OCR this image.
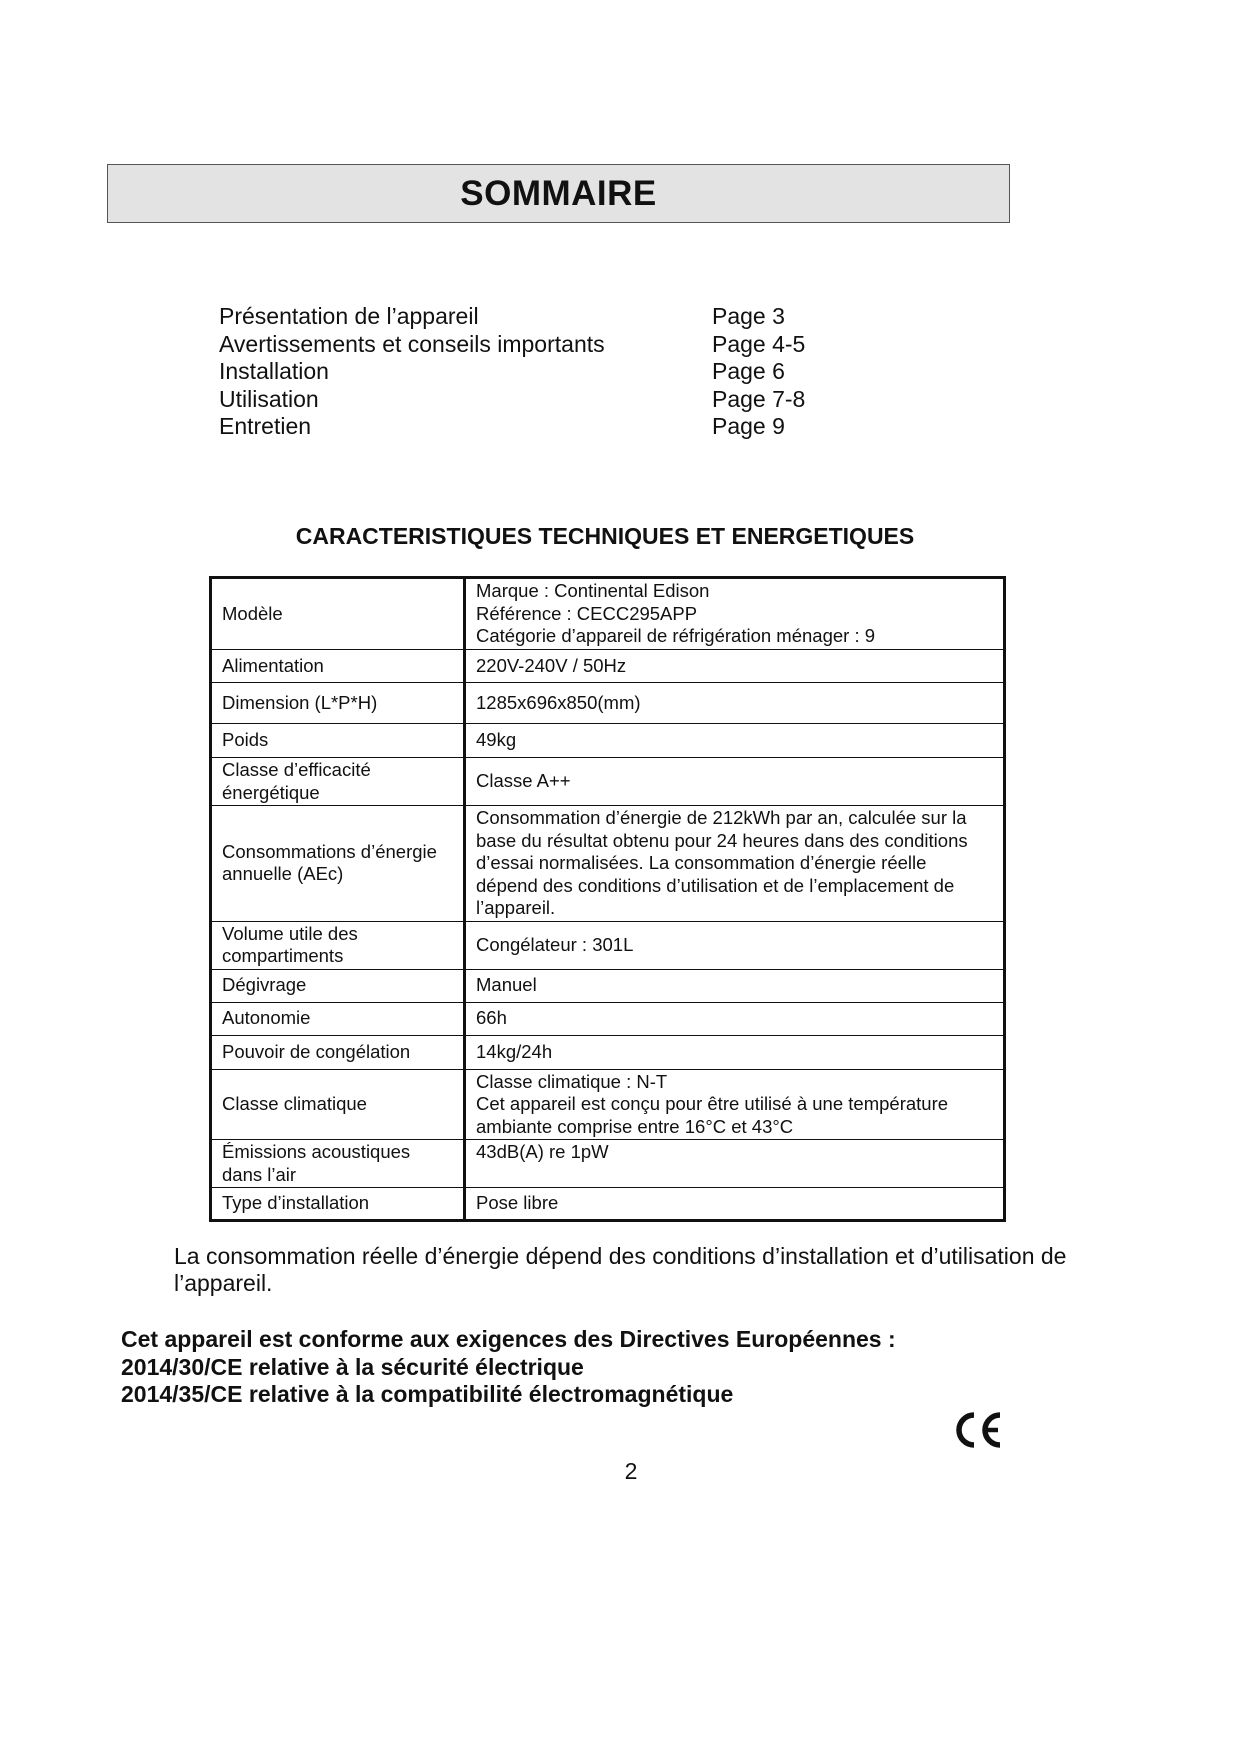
SOMMAIRE
Présentation de l’appareil	Page 3
Avertissements et conseils importants	Page 4-5
Installation	Page 6
Utilisation	Page 7-8
Entretien	Page 9
CARACTERISTIQUES TECHNIQUES ET ENERGETIQUES
Modèle	Marque : Continental Edison
Référence : CECC295APP
Catégorie d’appareil de réfrigération ménager : 9

Alimentation	220V-240V / 50Hz
Dimension (L*P*H)	1285x696x850(mm)
Poids	49kg
Classe d’efficacité énergétique	Classe A++
Consommations d’énergie annuelle (AEc)	Consommation d’énergie de 212kWh par an, calculée sur la base du résultat obtenu pour 24 heures dans des conditions d’essai normalisées. La consommation d’énergie réelle dépend des conditions d’utilisation et de l’emplacement de l’appareil.
Volume utile des compartiments	Congélateur : 301L
Dégivrage	Manuel
Autonomie	66h
Pouvoir de congélation	14kg/24h
Classe climatique	Classe climatique : N-T
Cet appareil est conçu pour être utilisé à une température ambiante comprise entre 16°C et 43°C

Émissions acoustiques dans l’air	43dB(A) re 1pW
Type d’installation	Pose libre
La consommation réelle d’énergie dépend des conditions d’installation et d’utilisation de l’appareil.
Cet appareil est conforme aux exigences des Directives Européennes :
2014/30/CE relative à la sécurité électrique
2014/35/CE relative à la compatibilité électromagnétique
2
